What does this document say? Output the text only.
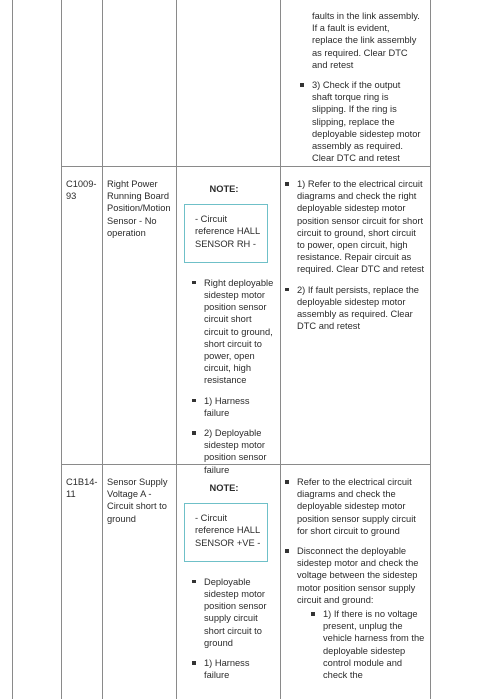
faults in the link assembly. If a fault is evident, replace the link assembly as required. Clear DTC and retest
3) Check if the output shaft torque ring is slipping. If the ring is slipping, replace the deployable sidestep motor assembly as required. Clear DTC and retest
C1009-93
Right Power Running Board Position/Motion Sensor - No operation
NOTE:

- Circuit reference HALL SENSOR RH -

Right deployable sidestep motor position sensor circuit short circuit to ground, short circuit to power, open circuit, high resistance
1) Harness failure
2) Deployable sidestep motor position sensor failure
1) Refer to the electrical circuit diagrams and check the right deployable sidestep motor position sensor circuit for short circuit to ground, short circuit to power, open circuit, high resistance. Repair circuit as required. Clear DTC and retest
2) If fault persists, replace the deployable sidestep motor assembly as required. Clear DTC and retest
C1B14-11
Sensor Supply Voltage A - Circuit short to ground
NOTE:

- Circuit reference HALL SENSOR +VE -

Deployable sidestep motor position sensor supply circuit short circuit to ground
1) Harness failure
Refer to the electrical circuit diagrams and check the deployable sidestep motor position sensor supply circuit for short circuit to ground
Disconnect the deployable sidestep motor and check the voltage between the sidestep motor position sensor supply circuit and ground:
1) If there is no voltage present, unplug the vehicle harness from the deployable sidestep control module and check the
